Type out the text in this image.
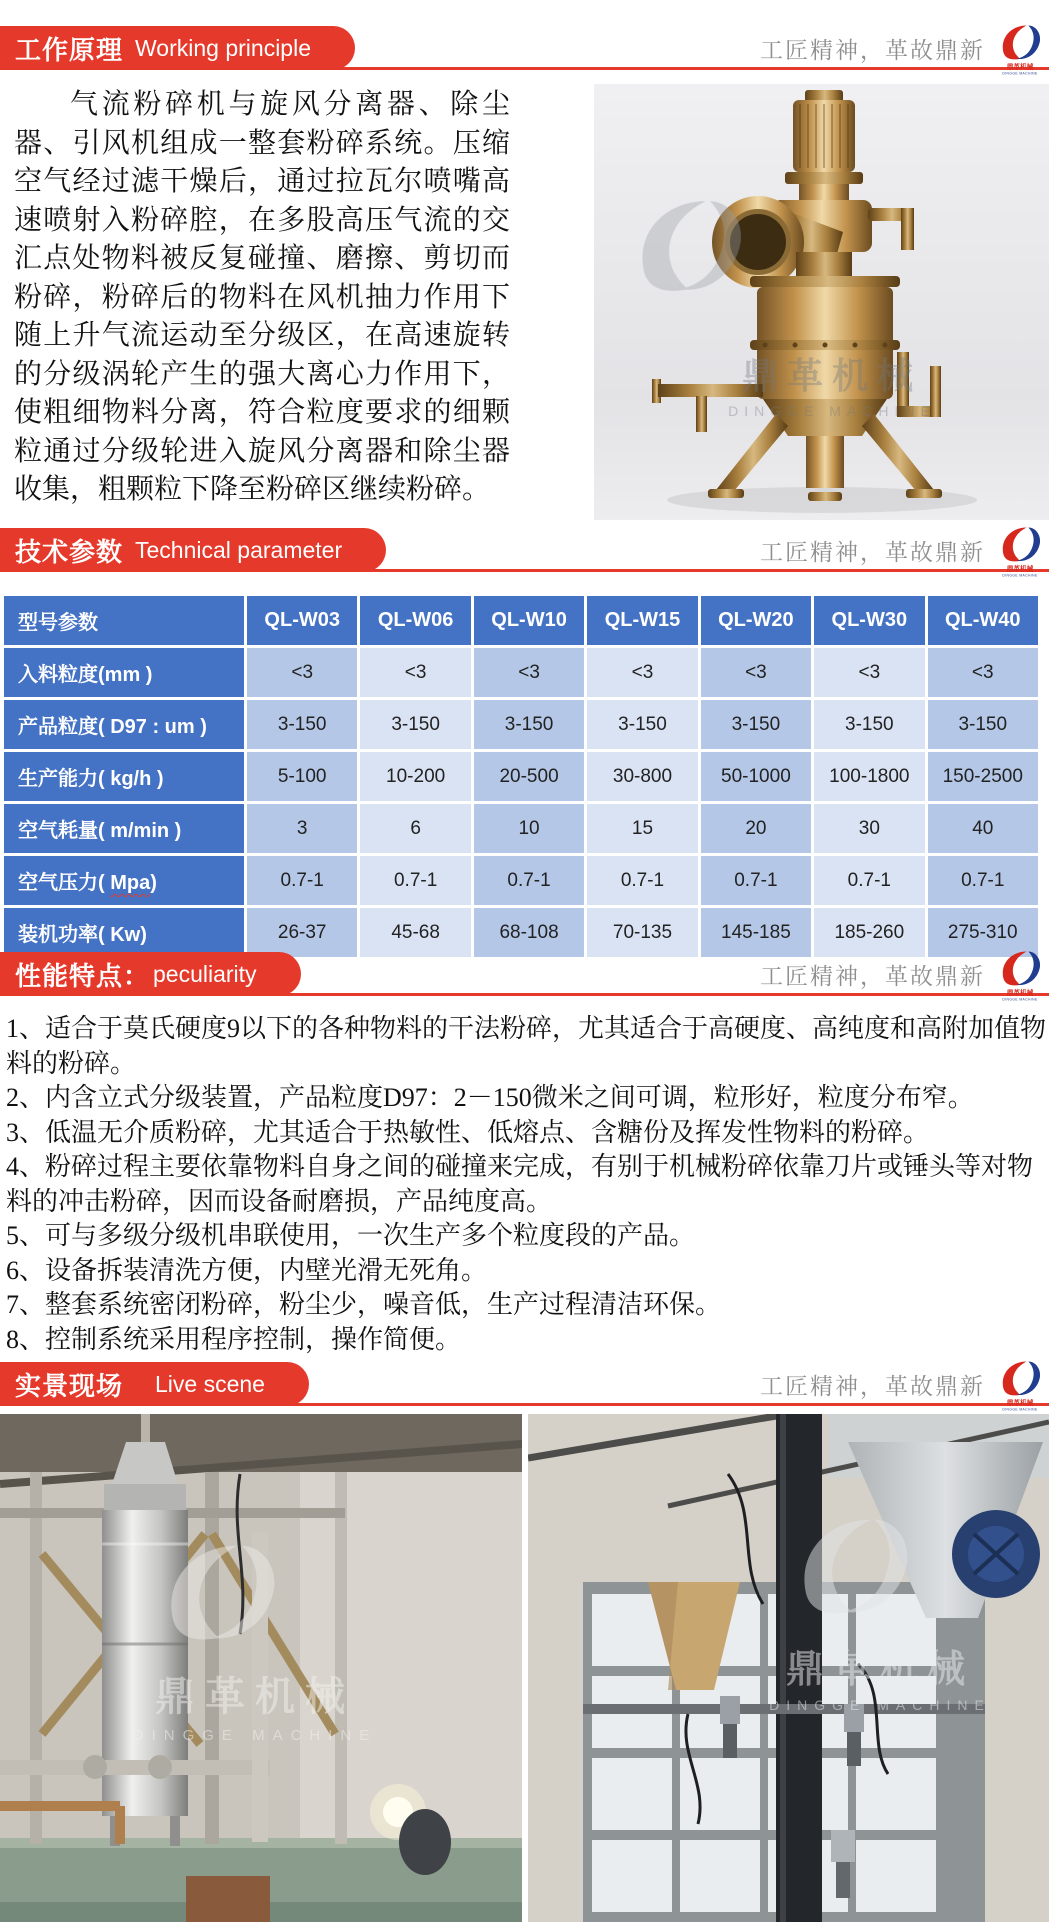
工作原理 Working principle	工匠精神，革故鼎新
鼎革机械
DINGGE MACHINE
气流粉碎机与旋风分离器、除尘器、引风机组成一整套粉碎系统。压缩空气经过滤干燥后，通过拉瓦尔喷嘴高速喷射入粉碎腔，在多股高压气流的交汇点处物料被反复碰撞、磨擦、剪切而粉碎，粉碎后的物料在风机抽力作用下随上升气流运动至分级区，在高速旋转的分级涡轮产生的强大离心力作用下，使粗细物料分离，符合粒度要求的细颗粒通过分级轮进入旋风分离器和除尘器收集，粗颗粒下降至粉碎区继续粉碎。
鼎革机械
DINGGE MACHINE
技术参数 Technical parameter	工匠精神，革故鼎新
鼎革机械
DINGGE MACHINE
型号参数	QL-W03	QL-W06	QL-W10	QL-W15	QL-W20	QL-W30	QL-W40
入料粒度(mm )	<3	<3	<3	<3	<3	<3	<3
产品粒度( D97 : um )	3-150	3-150	3-150	3-150	3-150	3-150	3-150
生产能力( kg/h )	5-100	10-200	20-500	30-800	50-1000	100-1800	150-2500
空气耗量( m/min )	3	6	10	15	20	30	40
空气压力( Mpa)	0.7-1	0.7-1	0.7-1	0.7-1	0.7-1	0.7-1	0.7-1
装机功率( Kw)	26-37	45-68	68-108	70-135	145-185	185-260	275-310
性能特点： peculiarity	工匠精神，革故鼎新
鼎革机械
DINGGE MACHINE
1、适合于莫氏硬度9以下的各种物料的干法粉碎，尤其适合于高硬度、高纯度和高附加值物料的粉碎。
2、内含立式分级装置，产品粒度D97：2－150微米之间可调，粒形好，粒度分布窄。
3、低温无介质粉碎，尤其适合于热敏性、低熔点、含糖份及挥发性物料的粉碎。
4、粉碎过程主要依靠物料自身之间的碰撞来完成，有别于机械粉碎依靠刀片或锤头等对物料的冲击粉碎，因而设备耐磨损，产品纯度高。
5、可与多级分级机串联使用，一次生产多个粒度段的产品。
6、设备拆装清洗方便，内壁光滑无死角。
7、整套系统密闭粉碎，粉尘少，噪音低，生产过程清洁环保。
8、控制系统采用程序控制，操作简便。
实景现场 Live scene	工匠精神，革故鼎新
鼎革机械
DINGGE MACHINE
鼎革机械
DINGGE MACHINE
鼎革机械
DINGGE MACHINE
